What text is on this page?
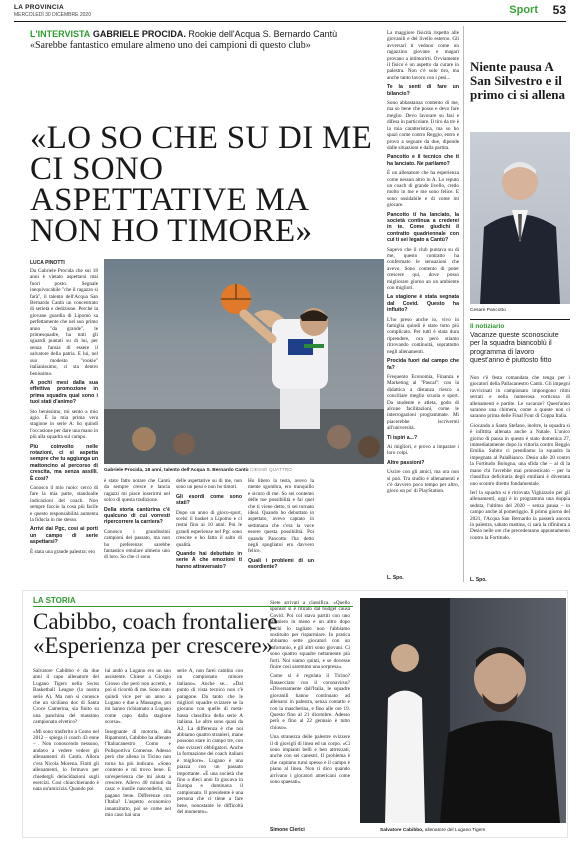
LA PROVINCIA
MERCOLEDÌ 30 DICEMBRE 2020	Sport 53
L'INTERVISTA GABRIELE PROCIDA. Rookie dell'Acqua S. Bernardo Cantù
«Sarebbe fantastico emulare almeno uno dei campioni di questo club»
«LO SO CHE SU DI ME CI SONO ASPETTATIVE MA NON HO TIMORE»
LUCA PINOTTI

Da Gabriele Procida che sui 18 anni è vietato aspettarsi mai fuori posto. Segnale inequivocabile "che il ragazzo si farà", il talento dell'Acqua San Bernardo Cantù un concentrato di serietà e dedizione. Perché la giovane guardia di Lipomo sa perfettamente che nel suo primo anno "da grande", le primesquadre, ha tutti gli sguardi puntati su di lui, per senza l'ansia di essere il salvatore della patria. E lui, nel suo modesto "rookie" italianissimo, ci sta dentro benissimo.

A pochi mesi dalla sua effettiva promozione in prima squadra qual sono i tuoi stati d'animo?

Sto benissimo, mi sento a mio agio. È la mia prima vera stagione in serie A: ho quindi l'occasione per dare una mano in più alla squadra sul campo.

Più coinvolto nelle rotazioni, ci si aspetta sempre che tu aggiunga un mattoncino al percorso di crescita, ma senza assilli. È così?

Conosco il mio ruolo: cerco di fare la mia parte, standoalle indicazioni del coach. Non sempre faccio la cosa più facile e questo responsabilità aumenta la fiducia in me stesso.

Arrivi dai Pgc, così ai porti un campo di serie aspettarsi?

È stata una grande palestra: ero

Gabriele Procida, 18 anni, talento dell'Acqua S. Bernardo Cantù CIESSE QUATTRO

è stato fatto notare che Cantù da sempre cresce e lancia ragazzi mi piace inserirmi nel solco di questa tradizione.

Della storia cantùrina c'è qualcuno di cui vorresti ripercorrere la carriera?

Conosco i grandissimi campioni del passato, ma non ho preferenze: sarebbe fantastico emulare almeno uno di loro. So che ci sono

delle aspettative su di me, non sono un peso e non ho timori.

Gli esordi come sono stati?

Dopo un anno di gioco-sport, scelsi il basket a Lipomo e ci restai fino ai 10 anni. Poi le grandi esperienze nel Pgc sono crescite e ho fatto il salto di qualità.

Quando hai debuttato in serie A che emozioni ti hanno attraversato?

Ho libero la testa, avevo la mente sgombra, ero tranquillo e sicuro di me. So sei contento delle tue possibilità e fai quel che ti viene detto, ti sei tornato ideal. Quando ho debuttato in aspettato, avevo captato in settimana che c'era la voce essere questa possibilità. Poi quando Pancotto l'ha detto negli spogliatoi ero davvero felice.

Quali i problemi di un esordiente?

La maggiore fisicità rispetto alle giovanili e del livello esterno. Gli avversari ti vedono come un ragazzino giovane e magari provano a intimorirti. Ovviamente il fisico è un aspetto da curare in palestra. Non c'è solo tiro, ma anche tanto lavoro con i pesi...

Te la senti di fare un bilancio?

Sono abbastanza contento di me, ma so bene che posso e devo fare meglio. Devo lavorare su fasi e difesa in particolare. Il tiro da tre è la mia caratteristica, ma so ho spazi come contro Reggio, entro e provo a segnare da due, dipende dalle situazioni e dalla partita.

Pancotto e il tecnico che ti ha lanciato. Ne parliamo?

È un allenatore che ha esperienza come nessun altro in A. Lo reputo un coach di grande livello, credo molto in me e me sono felice. E sono ossidabile e di come mi giocare.

Pancotto ti ha lanciato, la società continua a crederei in te. Come giudichi il contratto quadriennale con cui ti sei legato a Cantù?

Sapevo che il club puntava su di me, questo contratto ha confermato le sensazioni che avevo. Sono contento di poter crescere qui, dove posso migliorare giorno an un ambiente con migliori.

La stagione è stata segnata dal Covid. Questo ha influito?

L'ho preso anche io, vivo in famiglia quindi è stato tutto più complicato. Per tutti è stata dura riprendere, ora però stiamo ritrovando continuità, soprattutto negli allenamenti.

Procida fuori dal campo che fa?

Frequento Economia, Finanza e Marketing al "Pascal": con la didattica a distanza riesco a conciliare meglio scuola e sport. Da studente e atleta, godo di alcune facilitazioni, come le interrogazioni programmate. Mi piacerebbe iscrivermi all'università.

Ti ispiri a...?

Ai migliori, e provo a imparare i loro colpi.

Altre passioni?

Uscire con gli amici, ma ora non si può. Tra studio e allenamenti e c'è davvero poco tempo per altro, gioco un po' di PlayStation.

L. Spo.
Niente pausa A San Silvestro e il primo ci si allena
Cesare Pancotto
Il notiziario
Vacanze queste sconosciute per la squadra biancoblù il programma di lavoro quest'anno è piuttosto fitto

Non c'è festa comandata che tenga per i giocatori della Pallacanestro Cantù. Gli impegni ravvicinati in campionato impongono ritmi serrati e nella numerosa vorticosa di allenamenti e partite. Le vacanze? Quest'anno saranno una chimera, come a queste non ci saranno prima delle Final Four di Coppa Italia.

Giocando a Santo Stefano, inoltre, la squadra si è infittita allenata anche a Natale. L'unico giorno di pausa in questo è stato domenica 27, immediatamente dopo la vittoria contro Reggio Emilia. Subito ci prendiamo la squadra la impegnata al PalaBianco. Desio alle 20 contro la Fortitudo Bologna, una sfida che – al di la mano chi l'avrebbe mai pronosticato – per la classifica deficitaria degli emiliani è diventata uno scontro diretto fondamentale.

Ieri la squadra si è ritrovata Vighizzolo per gli allenamenti, oggi è in programma una doppia seduta, l'ultimo del 2020 – senza pausa – in campo anche al pomeriggio. Il primo giorno del 2021, l'Acqua San Bernardo la passerà ancora in palestra, sabato mattina, ci sarà la rifinitura a Desio nelle ore che precederanno appuntamento contro la Fortitudo.

L. Spo.
LA STORIA
Cabibbo, coach frontaliere «Esperienza per crescere»

Salvatore Cabibbo è da due anni il capo allenatore del Lugano Tigers nella Swiss Basketball League (la nostra serie A). Ma non si conosce che un siciliano doc di Santa Croce Camerina, sia finito su una panchina del massimo campionato elvetico?

«Mi sono trasferito a Como nel 2012 – spiega il coach 43 enne – . Non conoscendo nessuno, andavo a vedere vedere gli allenamenti di Cantù. Allora c'era Nicola Morena. Finiti gli allenamenti, lo fermavo per chiedergli delucidazioni sugli esercizi. Così chiacchierando è nata un'amicizia. Quando poi

lui andò a Lugano ero un suo assistente. Chiese a Giorgio Grosso che però non accettò, e poi si ricordò di me. Sono stato quindi vice per un anno a Lugano e due a Massagno, poi mi hanno richiamato a Lugano come capo dalla stagione scorsa».

Insegnante di motoria, alla Ripamonti, Cabibbo ha allenato l'Italiacanestro Como e Polisportiva Comense. Adesso però che allena in Ticino non torna ha più indicato. «Sono contento e mi trovo bene. E un'esperienza che mi aiuta a crescere. Allevo 40 minuti da casa: e inutile nasconderlo, mi pagano bene. Differenze con l'Italia? L'aspetto economico innanzitutto, poi se come nel mio caso hai una

serie A, non farei cambio con un campionato minore italiano». Anche se... «Dal punto di vista tecnico non c'è paragone. Da tanto che le migliori squadre svizzere se la giocano con quelle di metà-bassa classifica della serie A italiana. Le altre sono quasi da A2. La differenza è che noi abbiamo quattro stranieri, mane possono stare in campo tre, con due svizzeri obbligatori. Anche la formazione dei coach italiani è migliore». Lugano è una piazza con un passato importante. «È una società che fino a dieci anni fa giocava in Europa e dominava il campionato. Il presidente è una persona che ci tiene a fare bene, nonostante le difficoltà del momento».

Siete arrivati a classifica. «Quello sponsor si è ritirato dal budget causa Covid. Poi col stava partiti con uno straniero in meno e un altro dopo pochi lo tagliato non l'abbiamo sostituito per risparmiare. In pratica abbiamo sette giocatori con un infortunio, e gli altri sono giovani. Ci sono quattro squadre nettamente più forti. Noi siamo quinti, e se dovesse finire così saremmo una sorpresa».

Come si è regolata il Ticino? Rassecciato con il coronavirus? «Diversamente dall'Italia, le squadre giovanili hanno continuato ad allenarsi in palestra, senza contatto e con la mascherina, e fino alle ore 19. Questo fino al 21 dicembre. Adesso però e fino al 22 gennaio è tutto chiuso».

Una stranezza delle palestre svizzere il di giovigli di linea ed un corpo. «Ci sono impianti belli e ben attrezzati, anche con sei canestri. Il problema è che capitano turni spesso e il campo è piano al linea. Non ti dico quando arrivano i giocatori americani come sono spaesati».

Simone Clerici	Salvatore Cabibbo, allenatore del Lugano Tigers
